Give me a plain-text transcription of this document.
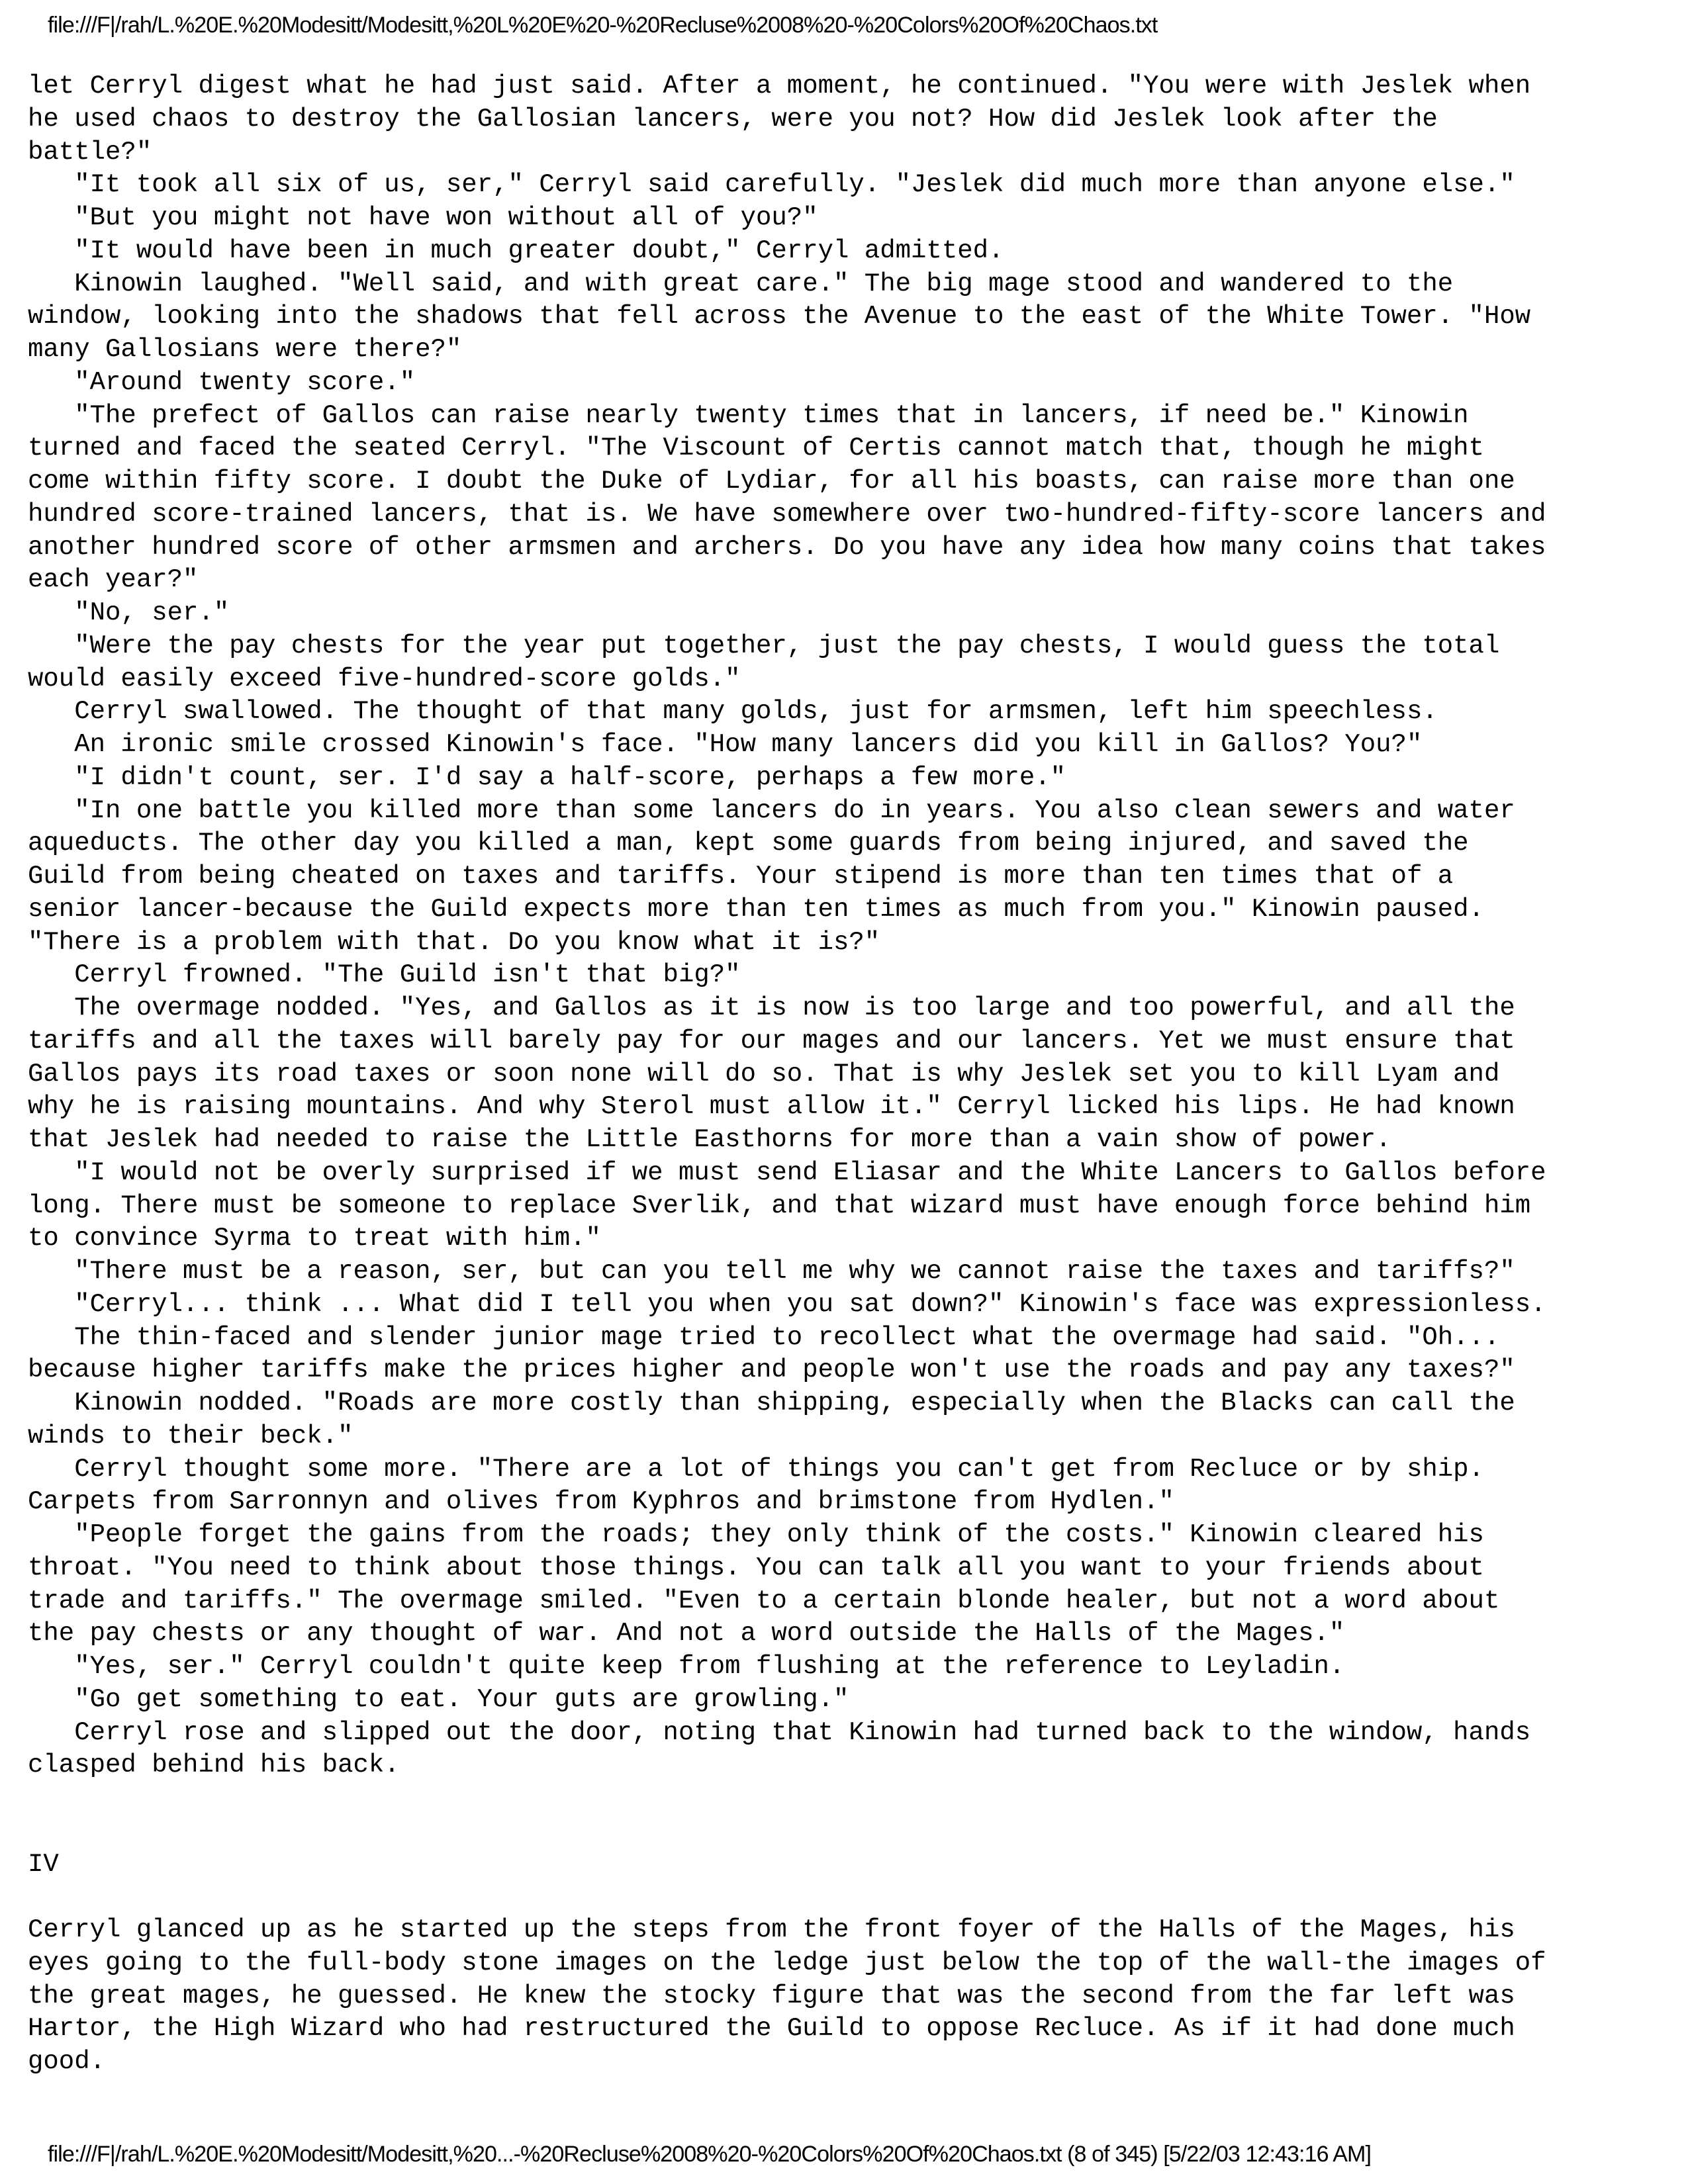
file:///F|/rah/L.%20E.%20Modesitt/Modesitt,%20L%20E%20-%20Recluse%2008%20-%20Colors%20Of%20Chaos.txt
let Cerryl digest what he had just said. After a moment, he continued. "You were with Jeslek when
he used chaos to destroy the Gallosian lancers, were you not? How did Jeslek look after the
battle?"
"It took all six of us, ser," Cerryl said carefully. "Jeslek did much more than anyone else."
"But you might not have won without all of you?"
"It would have been in much greater doubt," Cerryl admitted.
Kinowin laughed. "Well said, and with great care." The big mage stood and wandered to the
window, looking into the shadows that fell across the Avenue to the east of the White Tower. "How
many Gallosians were there?"
"Around twenty score."
"The prefect of Gallos can raise nearly twenty times that in lancers, if need be." Kinowin
turned and faced the seated Cerryl. "The Viscount of Certis cannot match that, though he might
come within fifty score. I doubt the Duke of Lydiar, for all his boasts, can raise more than one
hundred score-trained lancers, that is. We have somewhere over two-hundred-fifty-score lancers and
another hundred score of other armsmen and archers. Do you have any idea how many coins that takes
each year?"
"No, ser."
"Were the pay chests for the year put together, just the pay chests, I would guess the total
would easily exceed five-hundred-score golds."
Cerryl swallowed. The thought of that many golds, just for armsmen, left him speechless.
An ironic smile crossed Kinowin's face. "How many lancers did you kill in Gallos? You?"
"I didn't count, ser. I'd say a half-score, perhaps a few more."
"In one battle you killed more than some lancers do in years. You also clean sewers and water
aqueducts. The other day you killed a man, kept some guards from being injured, and saved the
Guild from being cheated on taxes and tariffs. Your stipend is more than ten times that of a
senior lancer-because the Guild expects more than ten times as much from you." Kinowin paused.
"There is a problem with that. Do you know what it is?"
Cerryl frowned. "The Guild isn't that big?"
The overmage nodded. "Yes, and Gallos as it is now is too large and too powerful, and all the
tariffs and all the taxes will barely pay for our mages and our lancers. Yet we must ensure that
Gallos pays its road taxes or soon none will do so. That is why Jeslek set you to kill Lyam and
why he is raising mountains. And why Sterol must allow it." Cerryl licked his lips. He had known
that Jeslek had needed to raise the Little Easthorns for more than a vain show of power.
"I would not be overly surprised if we must send Eliasar and the White Lancers to Gallos before
long. There must be someone to replace Sverlik, and that wizard must have enough force behind him
to convince Syrma to treat with him."
"There must be a reason, ser, but can you tell me why we cannot raise the taxes and tariffs?"
"Cerryl... think ... What did I tell you when you sat down?" Kinowin's face was expressionless.
The thin-faced and slender junior mage tried to recollect what the overmage had said. "Oh...
because higher tariffs make the prices higher and people won't use the roads and pay any taxes?"
Kinowin nodded. "Roads are more costly than shipping, especially when the Blacks can call the
winds to their beck."
Cerryl thought some more. "There are a lot of things you can't get from Recluce or by ship.
Carpets from Sarronnyn and olives from Kyphros and brimstone from Hydlen."
"People forget the gains from the roads; they only think of the costs." Kinowin cleared his
throat. "You need to think about those things. You can talk all you want to your friends about
trade and tariffs." The overmage smiled. "Even to a certain blonde healer, but not a word about
the pay chests or any thought of war. And not a word outside the Halls of the Mages."
"Yes, ser." Cerryl couldn't quite keep from flushing at the reference to Leyladin.
"Go get something to eat. Your guts are growling."
Cerryl rose and slipped out the door, noting that Kinowin had turned back to the window, hands
clasped behind his back.
IV
Cerryl glanced up as he started up the steps from the front foyer of the Halls of the Mages, his
eyes going to the full-body stone images on the ledge just below the top of the wall-the images of
the great mages, he guessed. He knew the stocky figure that was the second from the far left was
Hartor, the High Wizard who had restructured the Guild to oppose Recluce. As if it had done much
good.
file:///F|/rah/L.%20E.%20Modesitt/Modesitt,%20...-%20Recluse%2008%20-%20Colors%20Of%20Chaos.txt (8 of 345) [5/22/03 12:43:16 AM]
